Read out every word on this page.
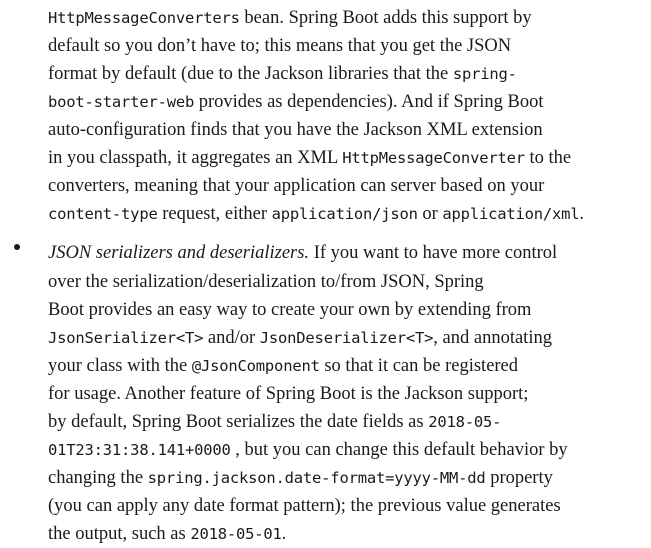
HttpMessageConverters bean. Spring Boot adds this support by
default so you don’t have to; this means that you get the JSON
format by default (due to the Jackson libraries that the spring-
boot-starter-web provides as dependencies). And if Spring Boot
auto-configuration finds that you have the Jackson XML extension
in you classpath, it aggregates an XML HttpMessageConverter to the
converters, meaning that your application can server based on your
content-type request, either application/json or application/xml.
JSON serializers and deserializers. If you want to have more control
over the serialization/deserialization to/from JSON, Spring
Boot provides an easy way to create your own by extending from
JsonSerializer<T> and/or JsonDeserializer<T>, and annotating
your class with the @JsonComponent so that it can be registered
for usage. Another feature of Spring Boot is the Jackson support;
by default, Spring Boot serializes the date fields as 2018-05-
01T23:31:38.141+0000 , but you can change this default behavior by
changing the spring.jackson.date-format=yyyy-MM-dd property
(you can apply any date format pattern); the previous value generates
the output, such as 2018-05-01.
